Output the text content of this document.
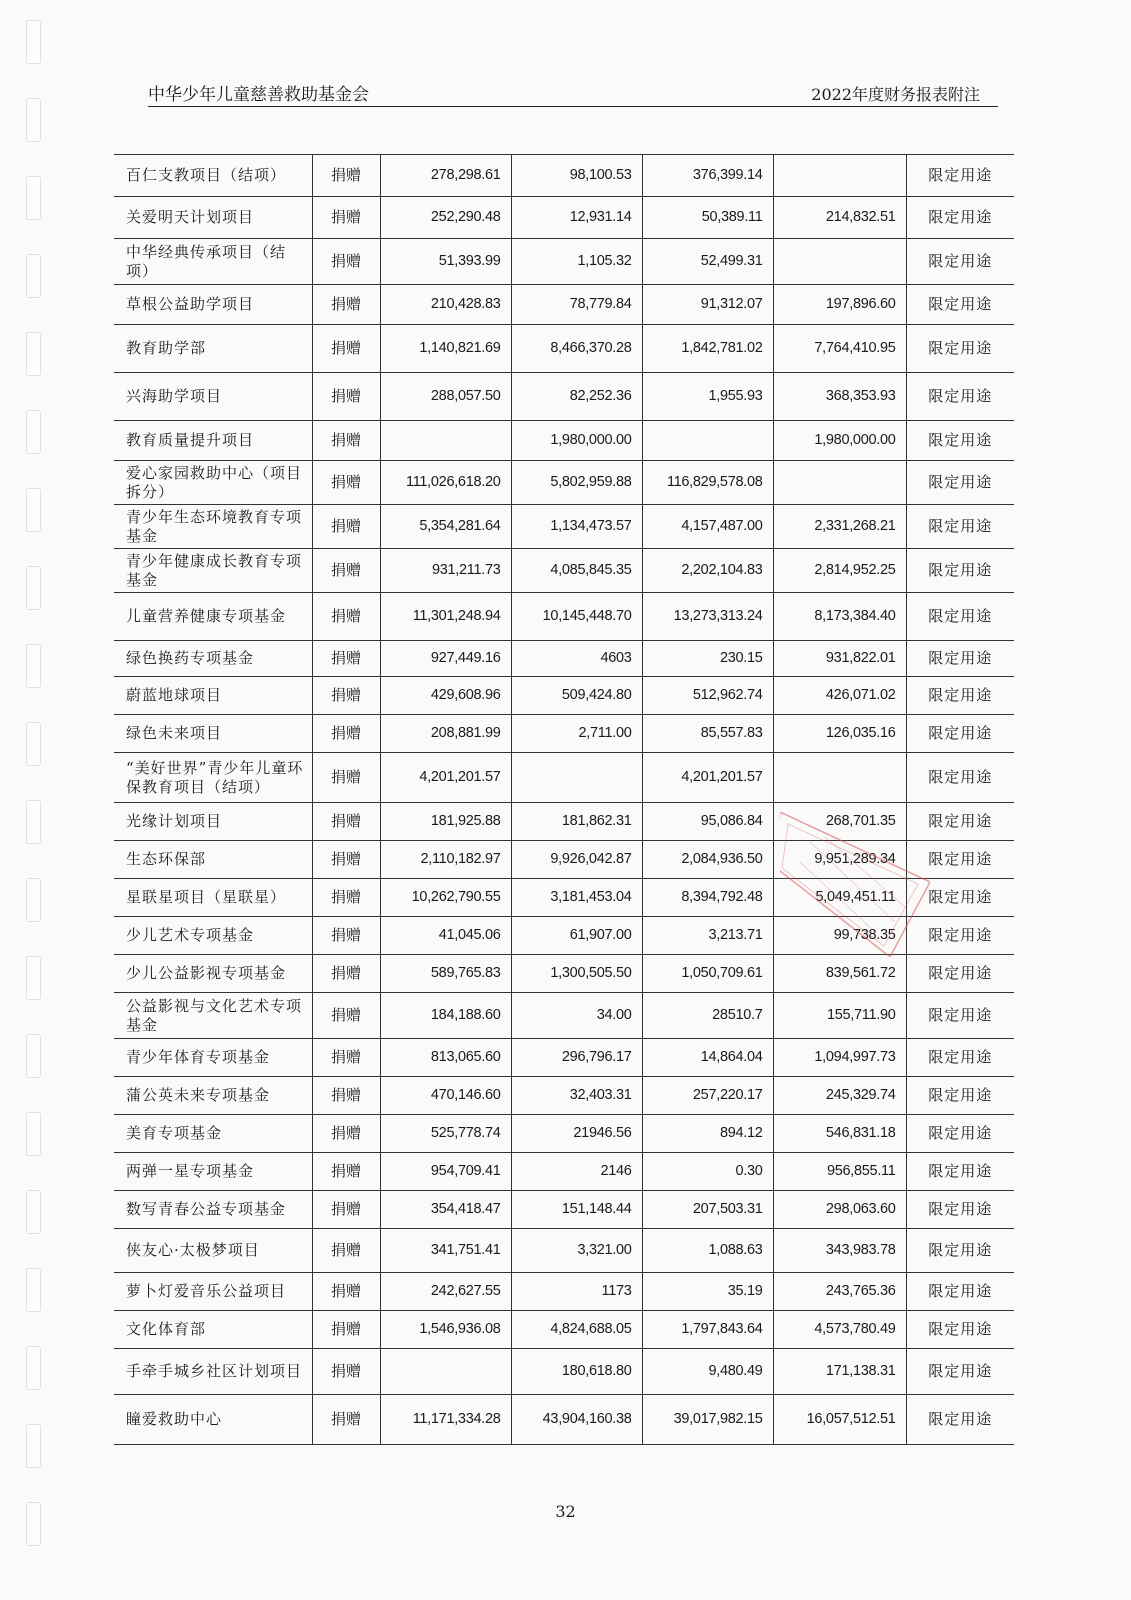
中华少年儿童慈善救助基金会	2022年度财务报表附注
百仁支教项目（结项）	捐赠	278,298.61	98,100.53	376,399.14		限定用途
关爱明天计划项目	捐赠	252,290.48	12,931.14	50,389.11	214,832.51	限定用途
中华经典传承项目（结项）	捐赠	51,393.99	1,105.32	52,499.31		限定用途
草根公益助学项目	捐赠	210,428.83	78,779.84	91,312.07	197,896.60	限定用途
教育助学部	捐赠	1,140,821.69	8,466,370.28	1,842,781.02	7,764,410.95	限定用途
兴海助学项目	捐赠	288,057.50	82,252.36	1,955.93	368,353.93	限定用途
教育质量提升项目	捐赠		1,980,000.00		1,980,000.00	限定用途
爱心家园救助中心（项目拆分）	捐赠	111,026,618.20	5,802,959.88	116,829,578.08		限定用途
青少年生态环境教育专项基金	捐赠	5,354,281.64	1,134,473.57	4,157,487.00	2,331,268.21	限定用途
青少年健康成长教育专项基金	捐赠	931,211.73	4,085,845.35	2,202,104.83	2,814,952.25	限定用途
儿童营养健康专项基金	捐赠	11,301,248.94	10,145,448.70	13,273,313.24	8,173,384.40	限定用途
绿色换药专项基金	捐赠	927,449.16	4603	230.15	931,822.01	限定用途
蔚蓝地球项目	捐赠	429,608.96	509,424.80	512,962.74	426,071.02	限定用途
绿色未来项目	捐赠	208,881.99	2,711.00	85,557.83	126,035.16	限定用途
“美好世界”青少年儿童环保教育项目（结项）	捐赠	4,201,201.57		4,201,201.57		限定用途
光缘计划项目	捐赠	181,925.88	181,862.31	95,086.84	268,701.35	限定用途
生态环保部	捐赠	2,110,182.97	9,926,042.87	2,084,936.50	9,951,289.34	限定用途
星联星项目（星联星）	捐赠	10,262,790.55	3,181,453.04	8,394,792.48	5,049,451.11	限定用途
少儿艺术专项基金	捐赠	41,045.06	61,907.00	3,213.71	99,738.35	限定用途
少儿公益影视专项基金	捐赠	589,765.83	1,300,505.50	1,050,709.61	839,561.72	限定用途
公益影视与文化艺术专项基金	捐赠	184,188.60	34.00	28510.7	155,711.90	限定用途
青少年体育专项基金	捐赠	813,065.60	296,796.17	14,864.04	1,094,997.73	限定用途
蒲公英未来专项基金	捐赠	470,146.60	32,403.31	257,220.17	245,329.74	限定用途
美育专项基金	捐赠	525,778.74	21946.56	894.12	546,831.18	限定用途
两弹一星专项基金	捐赠	954,709.41	2146	0.30	956,855.11	限定用途
数写青春公益专项基金	捐赠	354,418.47	151,148.44	207,503.31	298,063.60	限定用途
侠友心·太极梦项目	捐赠	341,751.41	3,321.00	1,088.63	343,983.78	限定用途
萝卜灯爱音乐公益项目	捐赠	242,627.55	1173	35.19	243,765.36	限定用途
文化体育部	捐赠	1,546,936.08	4,824,688.05	1,797,843.64	4,573,780.49	限定用途
手牵手城乡社区计划项目	捐赠		180,618.80	9,480.49	171,138.31	限定用途
瞳爱救助中心	捐赠	11,171,334.28	43,904,160.38	39,017,982.15	16,057,512.51	限定用途
32
